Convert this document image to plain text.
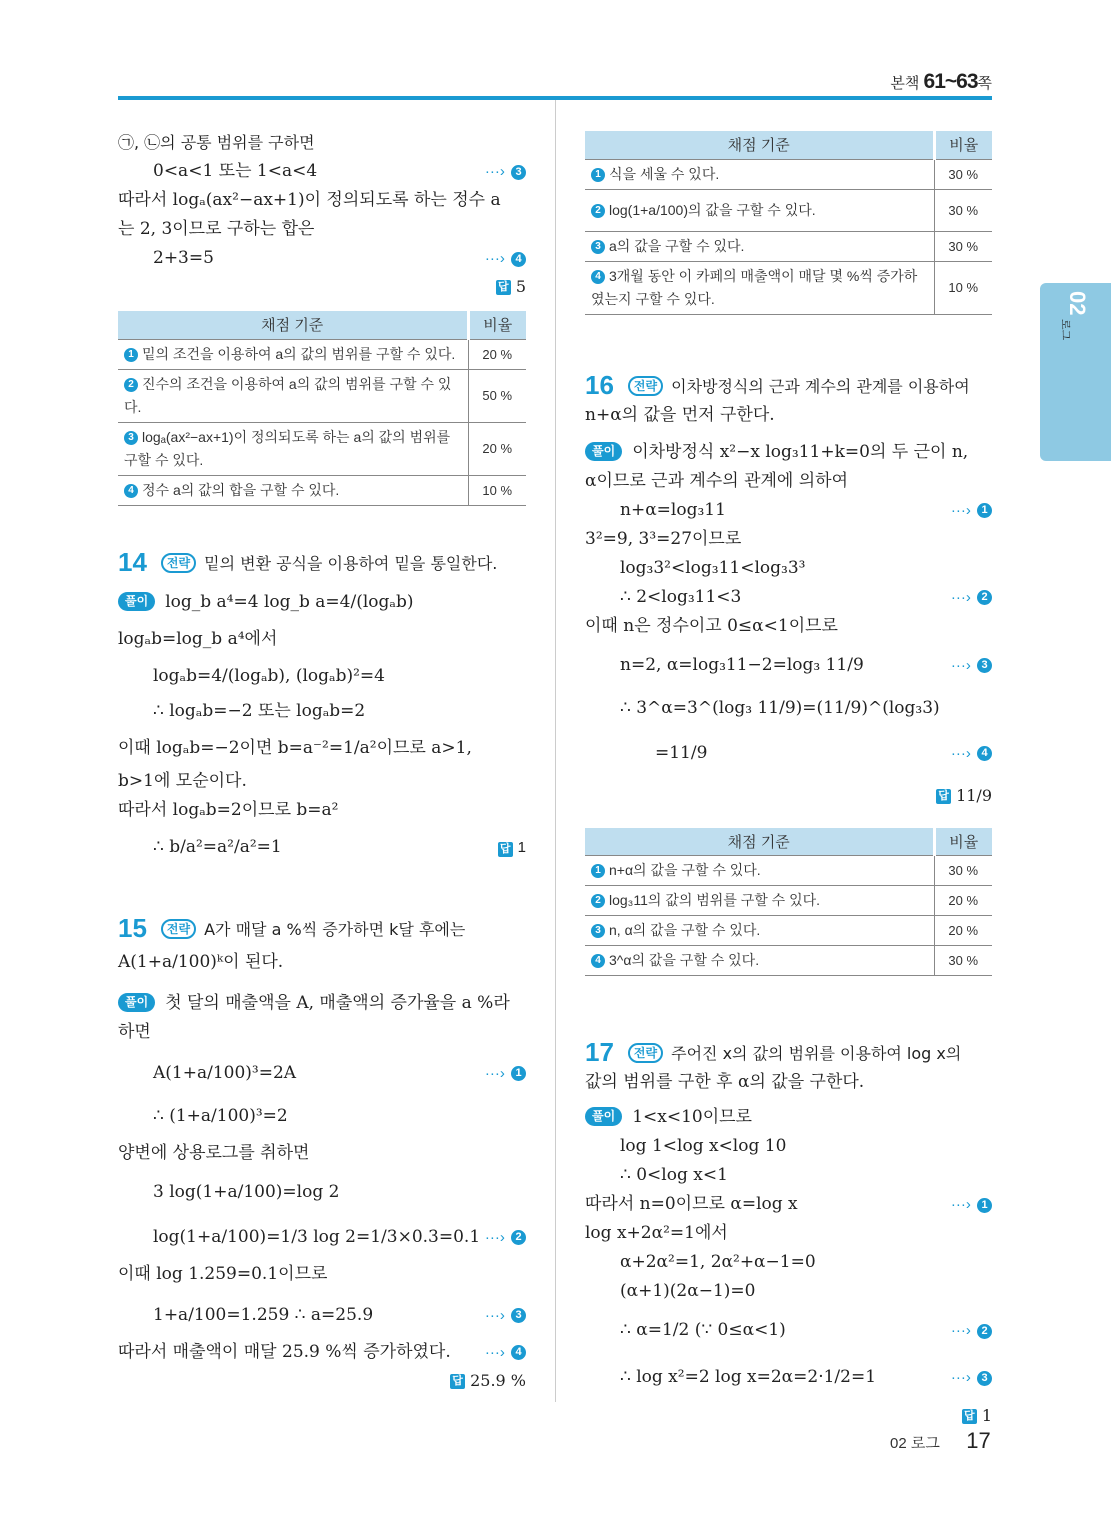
본책 61~63쪽
02
로그
㉠, ㉡의 공통 범위를 구하면
0<a<1 또는 1<a<4	···› 3
따라서 logₐ(ax²−ax+1)이 정의되도록 하는 정수 a
는 2, 3이므로 구하는 합은
2+3=5	···› 4
답 5
채점 기준	비율
1 밑의 조건을 이용하여 a의 값의 범위를 구할 수 있다.	20 %
2 진수의 조건을 이용하여 a의 값의 범위를 구할 수 있다.	50 %
3 logₐ(ax²−ax+1)이 정의되도록 하는 a의 값의 범위를 구할 수 있다.	20 %
4 정수 a의 값의 합을 구할 수 있다.	10 %
14 전략 밑의 변환 공식을 이용하여 밑을 통일한다.
풀이 log_b a⁴=4 log_b a=4/(logₐb)
logₐb=log_b a⁴에서
logₐb=4/(logₐb), (logₐb)²=4
∴ logₐb=−2 또는 logₐb=2
이때 logₐb=−2이면 b=a⁻²=1/a²이므로 a>1,
b>1에 모순이다.
따라서 logₐb=2이므로 b=a²
∴ b/a²=a²/a²=1	답 1
15 전략 A가 매달 a %씩 증가하면 k달 후에는
A(1+a/100)ᵏ이 된다.
풀이 첫 달의 매출액을 A, 매출액의 증가율을 a %라
하면
A(1+a/100)³=2A	···› 1
∴ (1+a/100)³=2
양변에 상용로그를 취하면
3 log(1+a/100)=log 2
log(1+a/100)=1/3 log 2=1/3×0.3=0.1 ···› 2
이때 log 1.259=0.1이므로
1+a/100=1.259 ∴ a=25.9	···› 3
따라서 매출액이 매달 25.9 %씩 증가하였다. ···› 4
답 25.9 %
채점 기준	비율
1 식을 세울 수 있다.	30 %
2 log(1+a/100)의 값을 구할 수 있다.	30 %
3 a의 값을 구할 수 있다.	30 %
4 3개월 동안 이 카페의 매출액이 매달 몇 %씩 증가하였는지 구할 수 있다.	10 %
16 전략 이차방정식의 근과 계수의 관계를 이용하여
n+α의 값을 먼저 구한다.
풀이 이차방정식 x²−x log₃11+k=0의 두 근이 n,
α이므로 근과 계수의 관계에 의하여
n+α=log₃11	···› 1
3²=9, 3³=27이므로
log₃3²<log₃11<log₃3³
∴ 2<log₃11<3	···› 2
이때 n은 정수이고 0≤α<1이므로
n=2, α=log₃11−2=log₃ 11/9	···› 3
∴ 3^α=3^(log₃ 11/9)=(11/9)^(log₃3)
=11/9	···› 4
답 11/9
채점 기준	비율
1 n+α의 값을 구할 수 있다.	30 %
2 log₃11의 값의 범위를 구할 수 있다.	20 %
3 n, α의 값을 구할 수 있다.	20 %
4 3^α의 값을 구할 수 있다.	30 %
17 전략 주어진 x의 값의 범위를 이용하여 log x의
값의 범위를 구한 후 α의 값을 구한다.
풀이 1<x<10이므로
log 1<log x<log 10
∴ 0<log x<1
따라서 n=0이므로 α=log x	···› 1
log x+2α²=1에서
α+2α²=1, 2α²+α−1=0
(α+1)(2α−1)=0
∴ α=1/2 (∵ 0≤α<1)	···› 2
∴ log x²=2 log x=2α=2·1/2=1	···› 3
답 1
02 로그 17
